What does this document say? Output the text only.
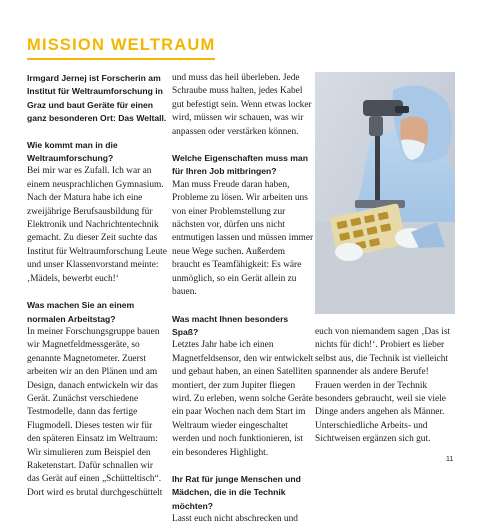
MISSION WELTRAUM

Irmgard Jernej ist Forscherin am Institut für Weltraumforschung in Graz und baut Geräte für einen ganz besonderen Ort: Das Weltall.

Wie kommt man in die Weltraumforschung?

Bei mir war es Zufall. Ich war an einem neusprachlichen Gymnasium. Nach der Matura habe ich eine zweijährige Berufsausbildung für Elektronik und Nachrichtentechnik gemacht. Zu dieser Zeit suchte das Institut für Weltraumforschung Leute und unser Klassenvorstand meinte: ‚Mädels, bewerbt euch!‘

Was machen Sie an einem normalen Arbeitstag?

In meiner Forschungsgruppe bauen wir Magnetfeldmessgeräte, so genannte Magnetometer. Zuerst arbeiten wir an den Plänen und am Design, danach entwickeln wir das Gerät. Zunächst verschiedene Testmodelle, dann das fertige Flugmodell. Dieses testen wir für den späteren Einsatz im Weltraum: Wir simulieren zum Beispiel den Raketenstart. Dafür schnallen wir das Gerät auf einen „Schütteltisch“. Dort wird es brutal durchgeschüttelt

und muss das heil überleben. Jede Schraube muss halten, jedes Kabel gut befestigt sein. Wenn etwas locker wird, müssen wir schauen, was wir anpassen oder verstärken können.

Welche Eigenschaften muss man für Ihren Job mitbringen?

Man muss Freude daran haben, Probleme zu lösen. Wir arbeiten uns von einer Problemstellung zur nächsten vor, dürfen uns nicht entmutigen lassen und müssen immer neue Wege suchen. Außerdem braucht es Teamfähigkeit: Es wäre unmöglich, so ein Gerät allein zu bauen.

Was macht Ihnen besonders Spaß?

Letztes Jahr habe ich einen Magnetfeldsensor, den wir entwickelt und gebaut haben, an einen Satelliten montiert, der zum Jupiter fliegen wird. Zu erleben, wenn solche Geräte ein paar Wochen nach dem Start im Weltraum wieder eingeschaltet werden und noch funktionieren, ist ein besonderes Highlight.

Ihr Rat für junge Menschen und Mädchen, die in die Technik möchten?

Lasst euch nicht abschrecken und

euch von niemandem sagen ‚Das ist nichts für dich!‘. Probiert es lieber selbst aus, die Technik ist vielleicht spannender als andere Berufe! Frauen werden in der Technik besonders gebraucht, weil sie viele Dinge anders angehen als Männer. Unterschiedliche Arbeits- und Sichtweisen ergänzen sich gut.

11
